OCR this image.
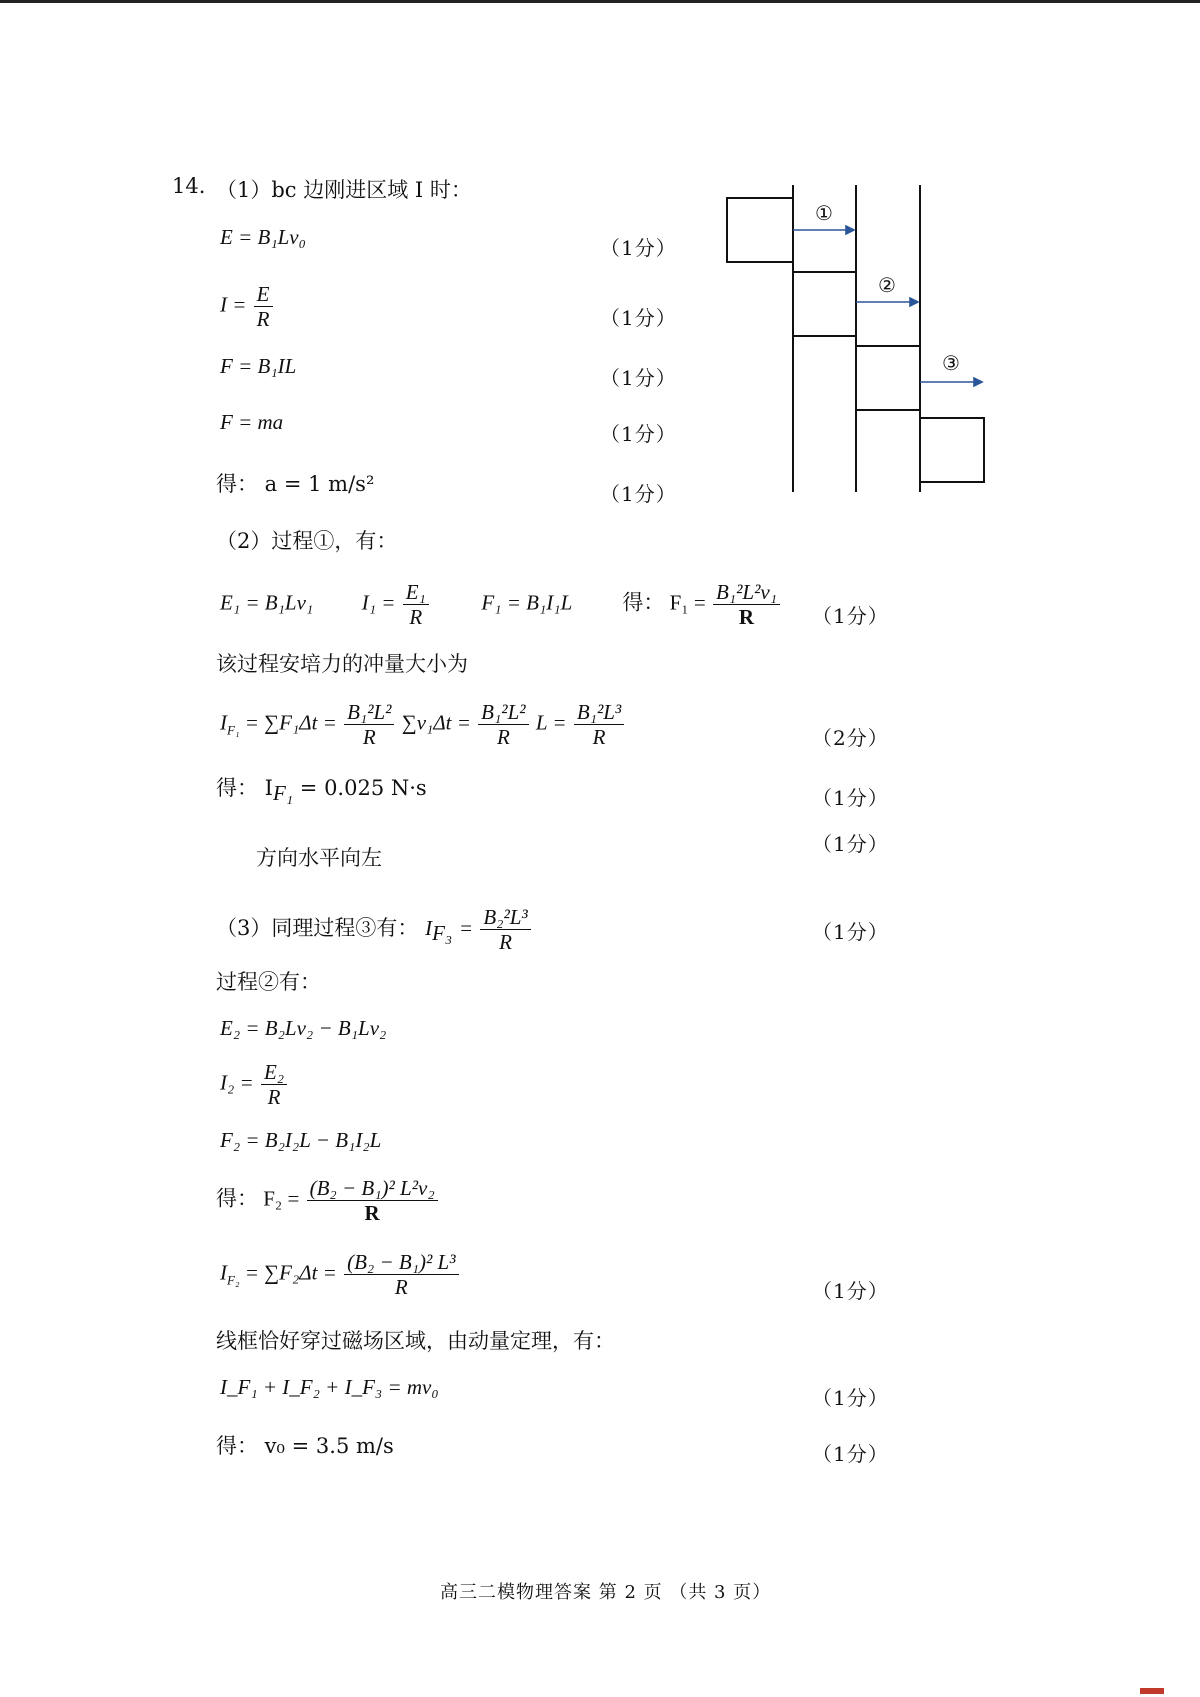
14. （1）bc 边刚进区域 I 时：
E = B₁Lv₀	（1分）
$I = \frac{E}{R}$	（1分）
F = B₁IL	（1分）
F = ma	（1分）
得： a = 1 m/s²	（1分）
①
②
③
（2）过程①，有：
E₁ = B₁Lv₁ $I_1 = \frac{\text{E₁}}{R}$	F₁ = B₁I₁L 得： $F_1 = \frac{\text{B₁²L²v₁}}{R} (1$分）
该过程安培力的冲量大小为
$I_{F_1} = \sum F_1\Delta t = \frac{\text{B₁²L²}}{R} \sum v_1\Delta t = \frac{\text{B₁²L²}}{R}$ $L = \frac{\text{B₁²L³}}{R}$	（2分）
得： $I_{F_1} = 0.025$ N·s	（1分）
（1分）
方向水平向左
（3）同理过程③有： $I_{F_3} = \frac{\text{B₂²L³}}{R}$	（1分）
过程②有：
E₂ = B₂Lv₂ − B₁Lv₂
$I_2 = \frac{\text{E₂}}{R}$
F₂ = B₂I₂L − B₁I₂L
得： $F_2 = \frac{\text{(B₂ − B₁)² L²v₂}}{R}$
$I_{F_2} = \sum F_2\Delta t = \frac{\text{(B₂ − B₁)² L³}}{R}$	（1分）
线框恰好穿过磁场区域，由动量定理，有：
I_F₁ + I_F₂ + I_F₃ = mv₀	（1分）
得： v₀ = 3.5 m/s	（1分）
高三二模物理答案 第 2 页 （共 3 页）
